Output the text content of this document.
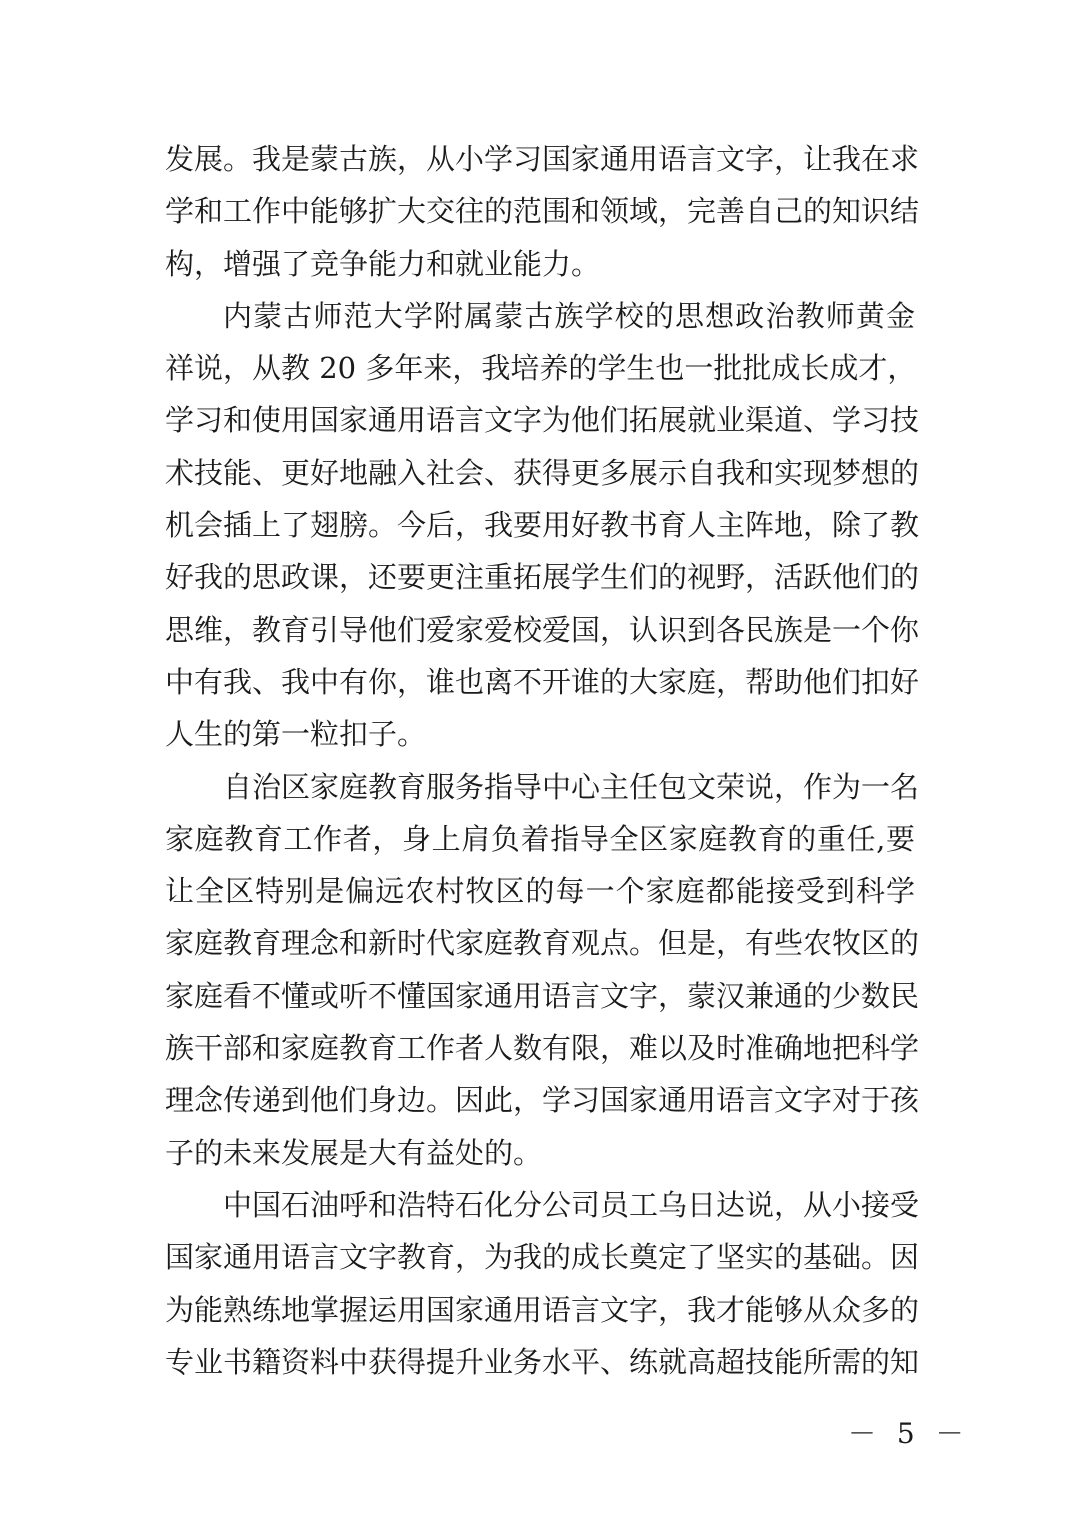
发展。我是蒙古族，从小学习国家通用语言文字，让我在求
学和工作中能够扩大交往的范围和领域，完善自己的知识结
构，增强了竞争能力和就业能力。
内蒙古师范大学附属蒙古族学校的思想政治教师黄金
祥说，从教 20 多年来，我培养的学生也一批批成长成才，
学习和使用国家通用语言文字为他们拓展就业渠道、学习技
术技能、更好地融入社会、获得更多展示自我和实现梦想的
机会插上了翅膀。今后，我要用好教书育人主阵地，除了教
好我的思政课，还要更注重拓展学生们的视野，活跃他们的
思维，教育引导他们爱家爱校爱国，认识到各民族是一个你
中有我、我中有你，谁也离不开谁的大家庭，帮助他们扣好
人生的第一粒扣子。
自治区家庭教育服务指导中心主任包文荣说，作为一名
家庭教育工作者，身上肩负着指导全区家庭教育的重任,要
让全区特别是偏远农村牧区的每一个家庭都能接受到科学
家庭教育理念和新时代家庭教育观点。但是，有些农牧区的
家庭看不懂或听不懂国家通用语言文字，蒙汉兼通的少数民
族干部和家庭教育工作者人数有限，难以及时准确地把科学
理念传递到他们身边。因此，学习国家通用语言文字对于孩
子的未来发展是大有益处的。
中国石油呼和浩特石化分公司员工乌日达说，从小接受
国家通用语言文字教育，为我的成长奠定了坚实的基础。因
为能熟练地掌握运用国家通用语言文字，我才能够从众多的
专业书籍资料中获得提升业务水平、练就高超技能所需的知
－ 5 －
